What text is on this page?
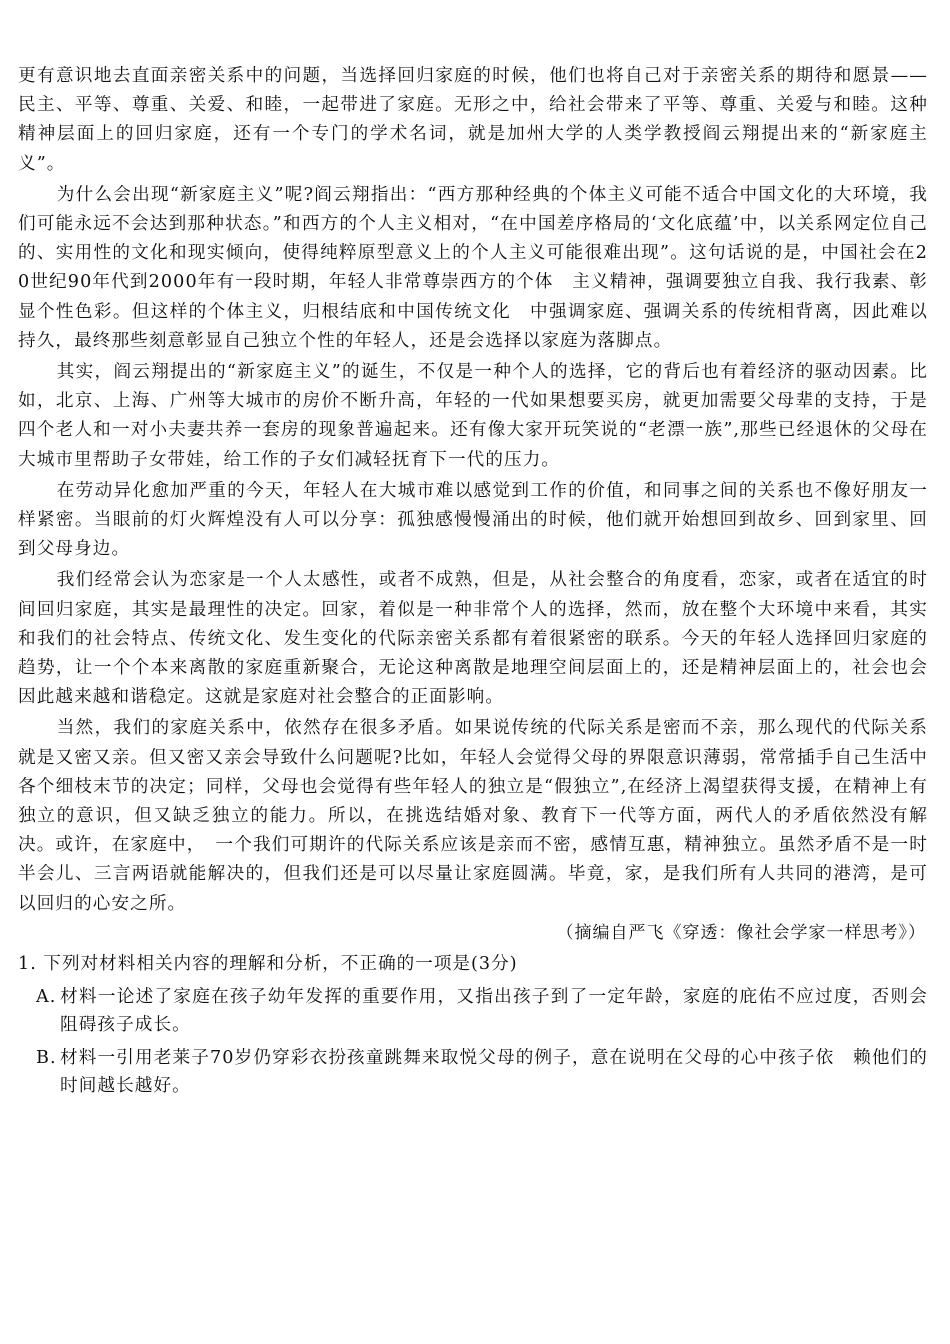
更有意识地去直面亲密关系中的问题，当选择回归家庭的时候，他们也将自己对于亲密关系的期待和愿景——民主、平等、尊重、关爱、和睦，一起带进了家庭。无形之中，给社会带来了平等、尊重、关爱与和睦。这种精神层面上的回归家庭，还有一个专门的学术名词，就是加州大学的人类学教授阎云翔提出来的“新家庭主义”。

为什么会出现“新家庭主义”呢?阎云翔指出：“西方那种经典的个体主义可能不适合中国文化的大环境，我们可能永远不会达到那种状态。”和西方的个人主义相对，“在中国差序格局的‘文化底蕴’中，以关系网定位自己的、实用性的文化和现实倾向，使得纯粹原型意义上的个人主义可能很难出现”。这句话说的是，中国社会在20世纪90年代到2000年有一段时期，年轻人非常尊崇西方的个体　主义精神，强调要独立自我、我行我素、彰显个性色彩。但这样的个体主义，归根结底和中国传统文化　中强调家庭、强调关系的传统相背离，因此难以持久，最终那些刻意彰显自己独立个性的年轻人，还是会选择以家庭为落脚点。

其实，阎云翔提出的“新家庭主义”的诞生，不仅是一种个人的选择，它的背后也有着经济的驱动因素。比如，北京、上海、广州等大城市的房价不断升高，年轻的一代如果想要买房，就更加需要父母辈的支持，于是四个老人和一对小夫妻共养一套房的现象普遍起来。还有像大家开玩笑说的“老漂一族”,那些已经退休的父母在大城市里帮助子女带娃，给工作的子女们减轻抚育下一代的压力。

在劳动异化愈加严重的今天，年轻人在大城市难以感觉到工作的价值，和同事之间的关系也不像好朋友一样紧密。当眼前的灯火辉煌没有人可以分享：孤独感慢慢涌出的时候，他们就开始想回到故乡、回到家里、回到父母身边。

我们经常会认为恋家是一个人太感性，或者不成熟，但是，从社会整合的角度看，恋家，或者在适宜的时间回归家庭，其实是最理性的决定。回家，着似是一种非常个人的选择，然而，放在整个大环境中来看，其实和我们的社会特点、传统文化、发生变化的代际亲密关系都有着很紧密的联系。今天的年轻人选择回归家庭的趋势，让一个个本来离散的家庭重新聚合，无论这种离散是地理空间层面上的，还是精神层面上的，社会也会因此越来越和谐稳定。这就是家庭对社会整合的正面影响。

当然，我们的家庭关系中，依然存在很多矛盾。如果说传统的代际关系是密而不亲，那么现代的代际关系就是又密又亲。但又密又亲会导致什么问题呢?比如，年轻人会觉得父母的界限意识薄弱，常常插手自己生活中各个细枝末节的决定；同样，父母也会觉得有些年轻人的独立是“假独立”,在经济上渴望获得支援，在精神上有独立的意识，但又缺乏独立的能力。所以，在挑选结婚对象、教育下一代等方面，两代人的矛盾依然没有解决。或许，在家庭中，　一个我们可期许的代际关系应该是亲而不密，感情互惠，精神独立。虽然矛盾不是一时半会儿、三言两语就能解决的，但我们还是可以尽量让家庭圆满。毕竟，家，是我们所有人共同的港湾，是可以回归的心安之所。

（摘编自严飞《穿透：像社会学家一样思考》）

1. 下列对材料相关内容的理解和分析，不正确的一项是(3分)

A. 材料一论述了家庭在孩子幼年发挥的重要作用，又指出孩子到了一定年龄，家庭的庇佑不应过度，否则会阻碍孩子成长。

B. 材料一引用老莱子70岁仍穿彩衣扮孩童跳舞来取悦父母的例子，意在说明在父母的心中孩子依　赖他们的时间越长越好。
